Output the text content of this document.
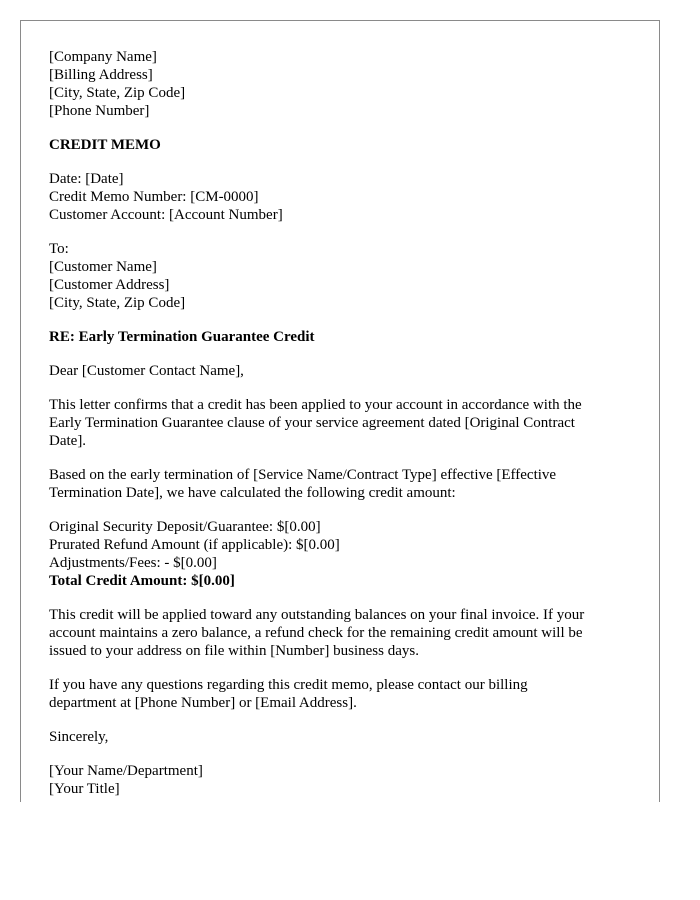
[Company Name]
[Billing Address]
[City, State, Zip Code]
[Phone Number]
CREDIT MEMO
Date: [Date]
Credit Memo Number: [CM-0000]
Customer Account: [Account Number]
To:
[Customer Name]
[Customer Address]
[City, State, Zip Code]
RE: Early Termination Guarantee Credit
Dear [Customer Contact Name],
This letter confirms that a credit has been applied to your account in accordance with the
Early Termination Guarantee clause of your service agreement dated [Original Contract
Date].
Based on the early termination of [Service Name/Contract Type] effective [Effective
Termination Date], we have calculated the following credit amount:
Original Security Deposit/Guarantee: $[0.00]
Prurated Refund Amount (if applicable): $[0.00]
Adjustments/Fees: - $[0.00]
Total Credit Amount: $[0.00]
This credit will be applied toward any outstanding balances on your final invoice. If your
account maintains a zero balance, a refund check for the remaining credit amount will be
issued to your address on file within [Number] business days.
If you have any questions regarding this credit memo, please contact our billing
department at [Phone Number] or [Email Address].
Sincerely,
[Your Name/Department]
[Your Title]
